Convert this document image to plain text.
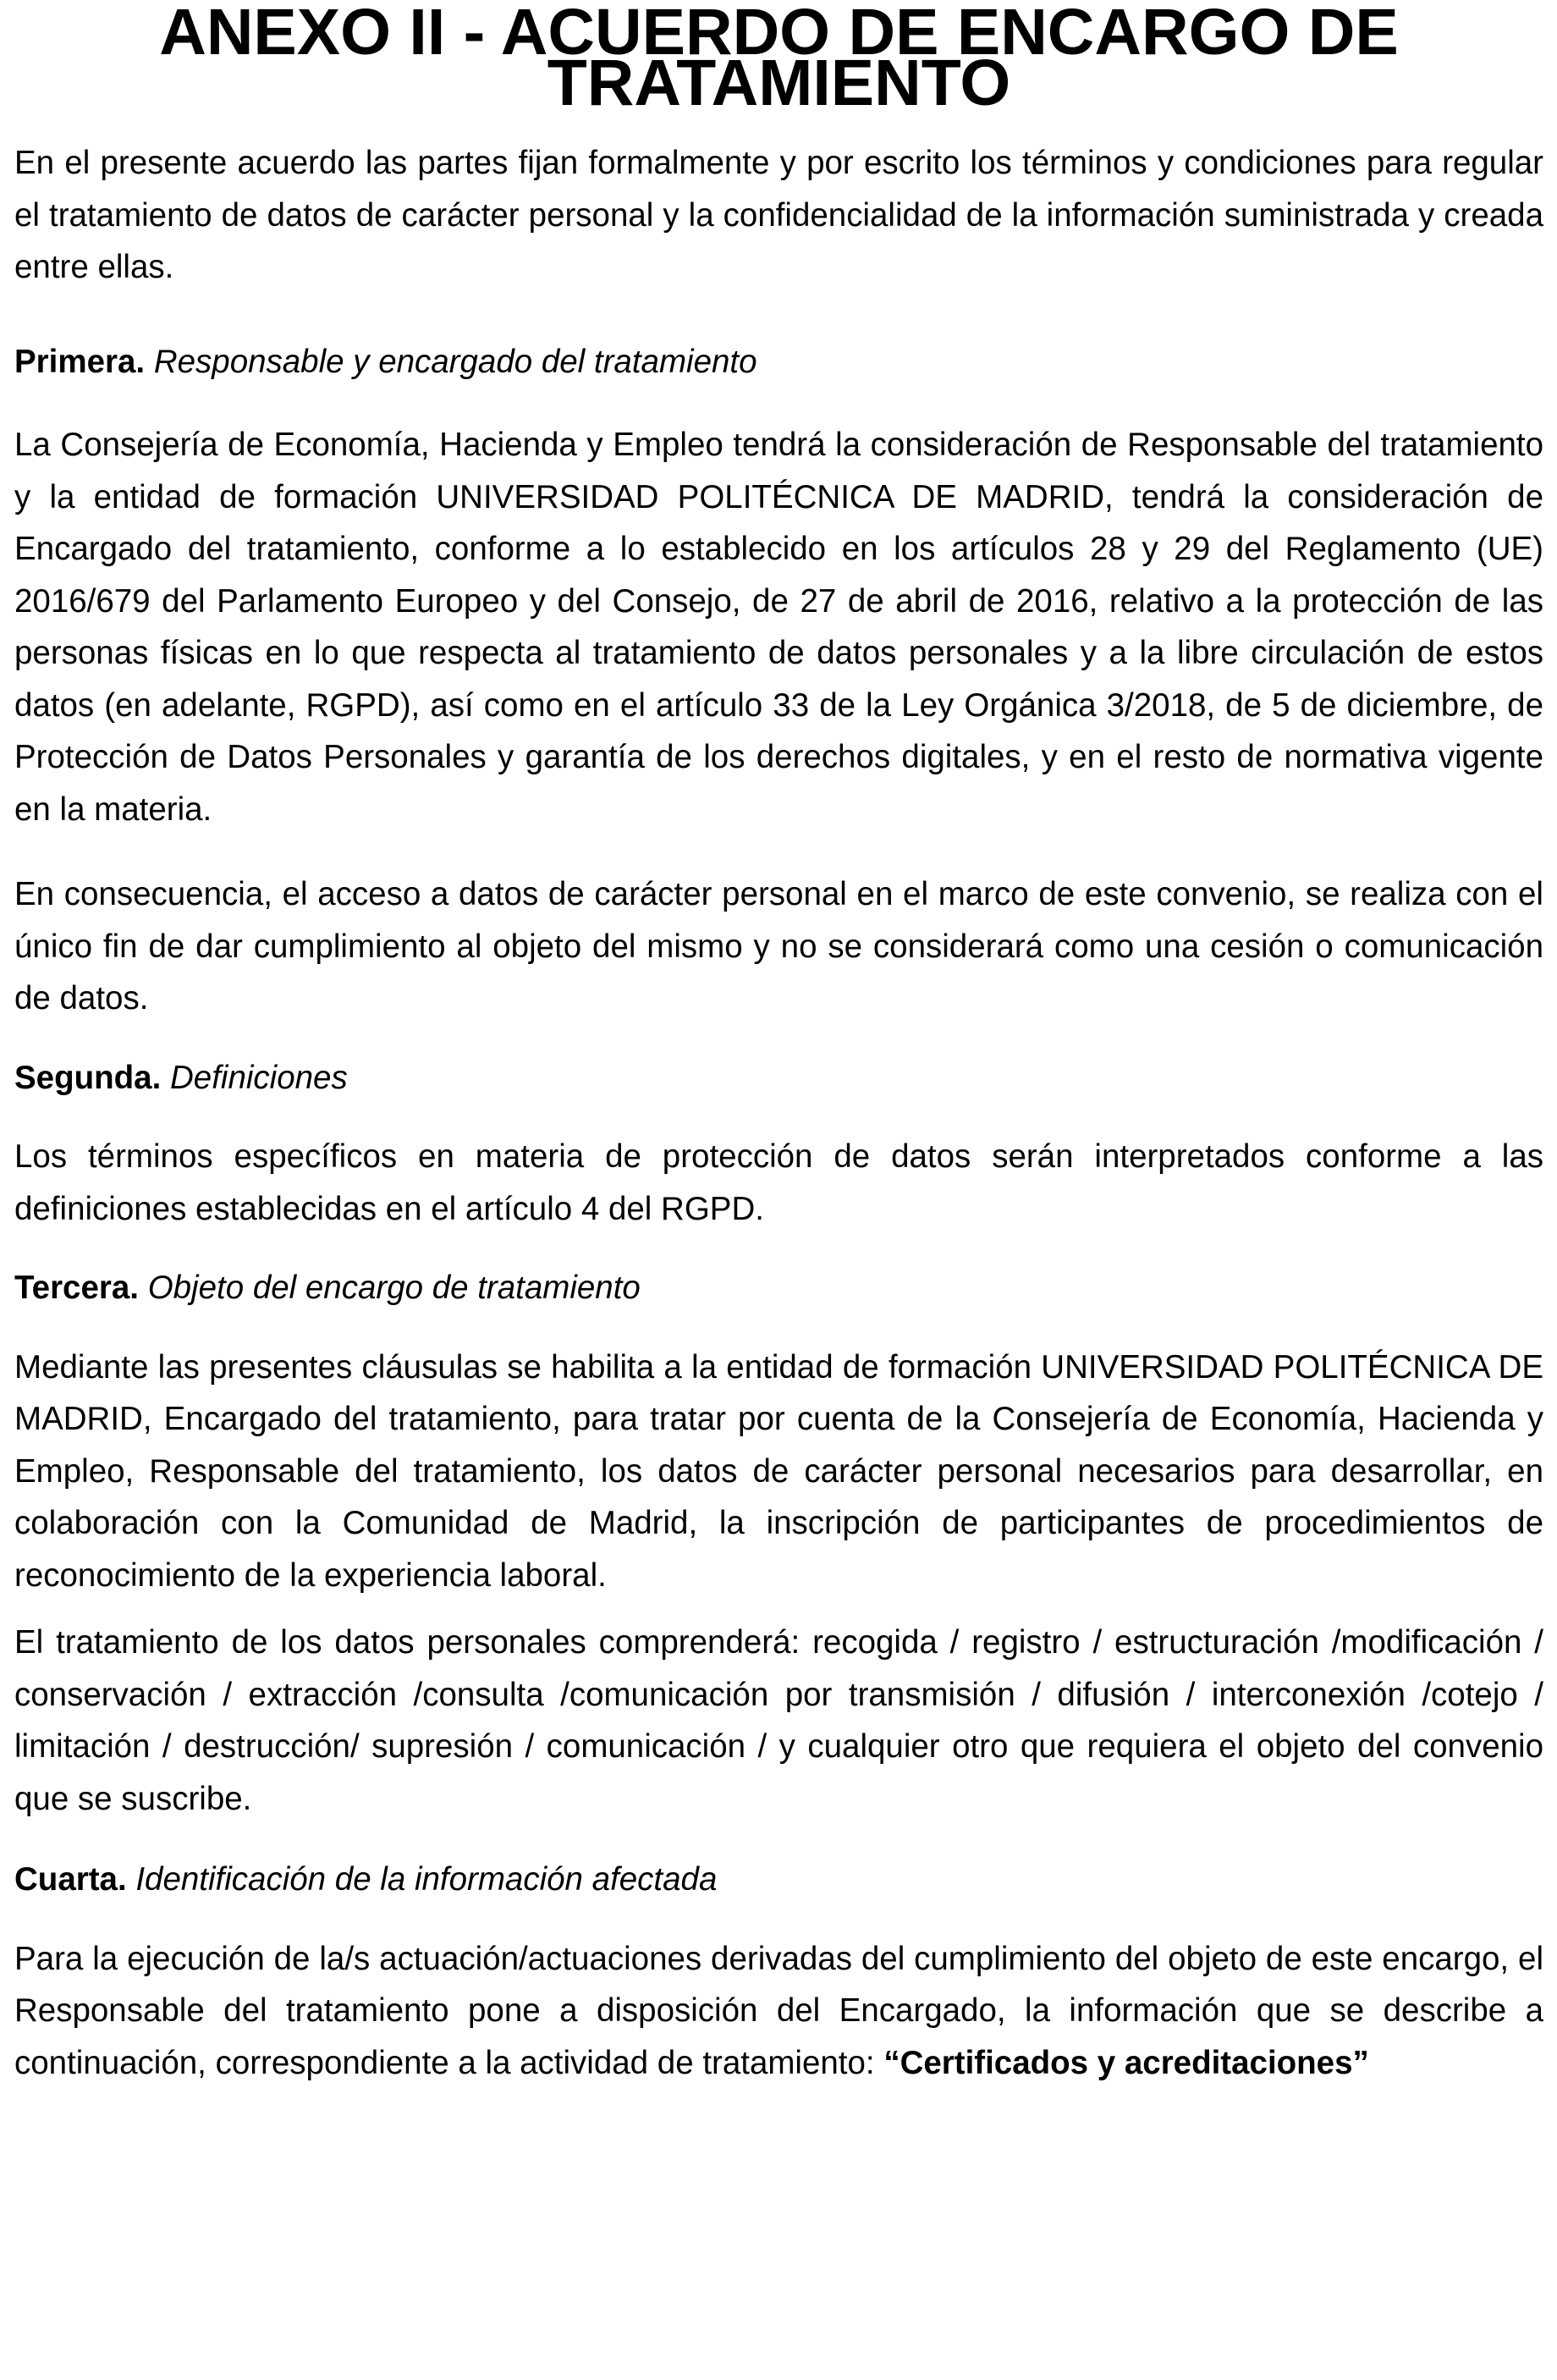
ANEXO II - ACUERDO DE ENCARGO DE TRATAMIENTO

En el presente acuerdo las partes fijan formalmente y por escrito los términos y condiciones para regular el tratamiento de datos de carácter personal y la confidencialidad de la información suministrada y creada entre ellas.

Primera. Responsable y encargado del tratamiento

La Consejería de Economía, Hacienda y Empleo tendrá la consideración de Responsable del tratamiento y la entidad de formación UNIVERSIDAD POLITÉCNICA DE MADRID, tendrá la consideración de Encargado del tratamiento, conforme a lo establecido en los artículos 28 y 29 del Reglamento (UE) 2016/679 del Parlamento Europeo y del Consejo, de 27 de abril de 2016, relativo a la protección de las personas físicas en lo que respecta al tratamiento de datos personales y a la libre circulación de estos datos (en adelante, RGPD), así como en el artículo 33 de la Ley Orgánica 3/2018, de 5 de diciembre, de Protección de Datos Personales y garantía de los derechos digitales, y en el resto de normativa vigente en la materia.

En consecuencia, el acceso a datos de carácter personal en el marco de este convenio, se realiza con el único fin de dar cumplimiento al objeto del mismo y no se considerará como una cesión o comunicación de datos.

Segunda. Definiciones

Los términos específicos en materia de protección de datos serán interpretados conforme a las definiciones establecidas en el artículo 4 del RGPD.

Tercera. Objeto del encargo de tratamiento

Mediante las presentes cláusulas se habilita a la entidad de formación UNIVERSIDAD POLITÉCNICA DE MADRID, Encargado del tratamiento, para tratar por cuenta de la Consejería de Economía, Hacienda y Empleo, Responsable del tratamiento, los datos de carácter personal necesarios para desarrollar, en colaboración con la Comunidad de Madrid, la inscripción de participantes de procedimientos de reconocimiento de la experiencia laboral.

El tratamiento de los datos personales comprenderá: recogida / registro / estructuración /modificación / conservación / extracción /consulta /comunicación por transmisión / difusión / interconexión /cotejo / limitación / destrucción/ supresión / comunicación / y cualquier otro que requiera el objeto del convenio que se suscribe.

Cuarta. Identificación de la información afectada

Para la ejecución de la/s actuación/actuaciones derivadas del cumplimiento del objeto de este encargo, el Responsable del tratamiento pone a disposición del Encargado, la información que se describe a continuación, correspondiente a la actividad de tratamiento: “Certificados y acreditaciones”
